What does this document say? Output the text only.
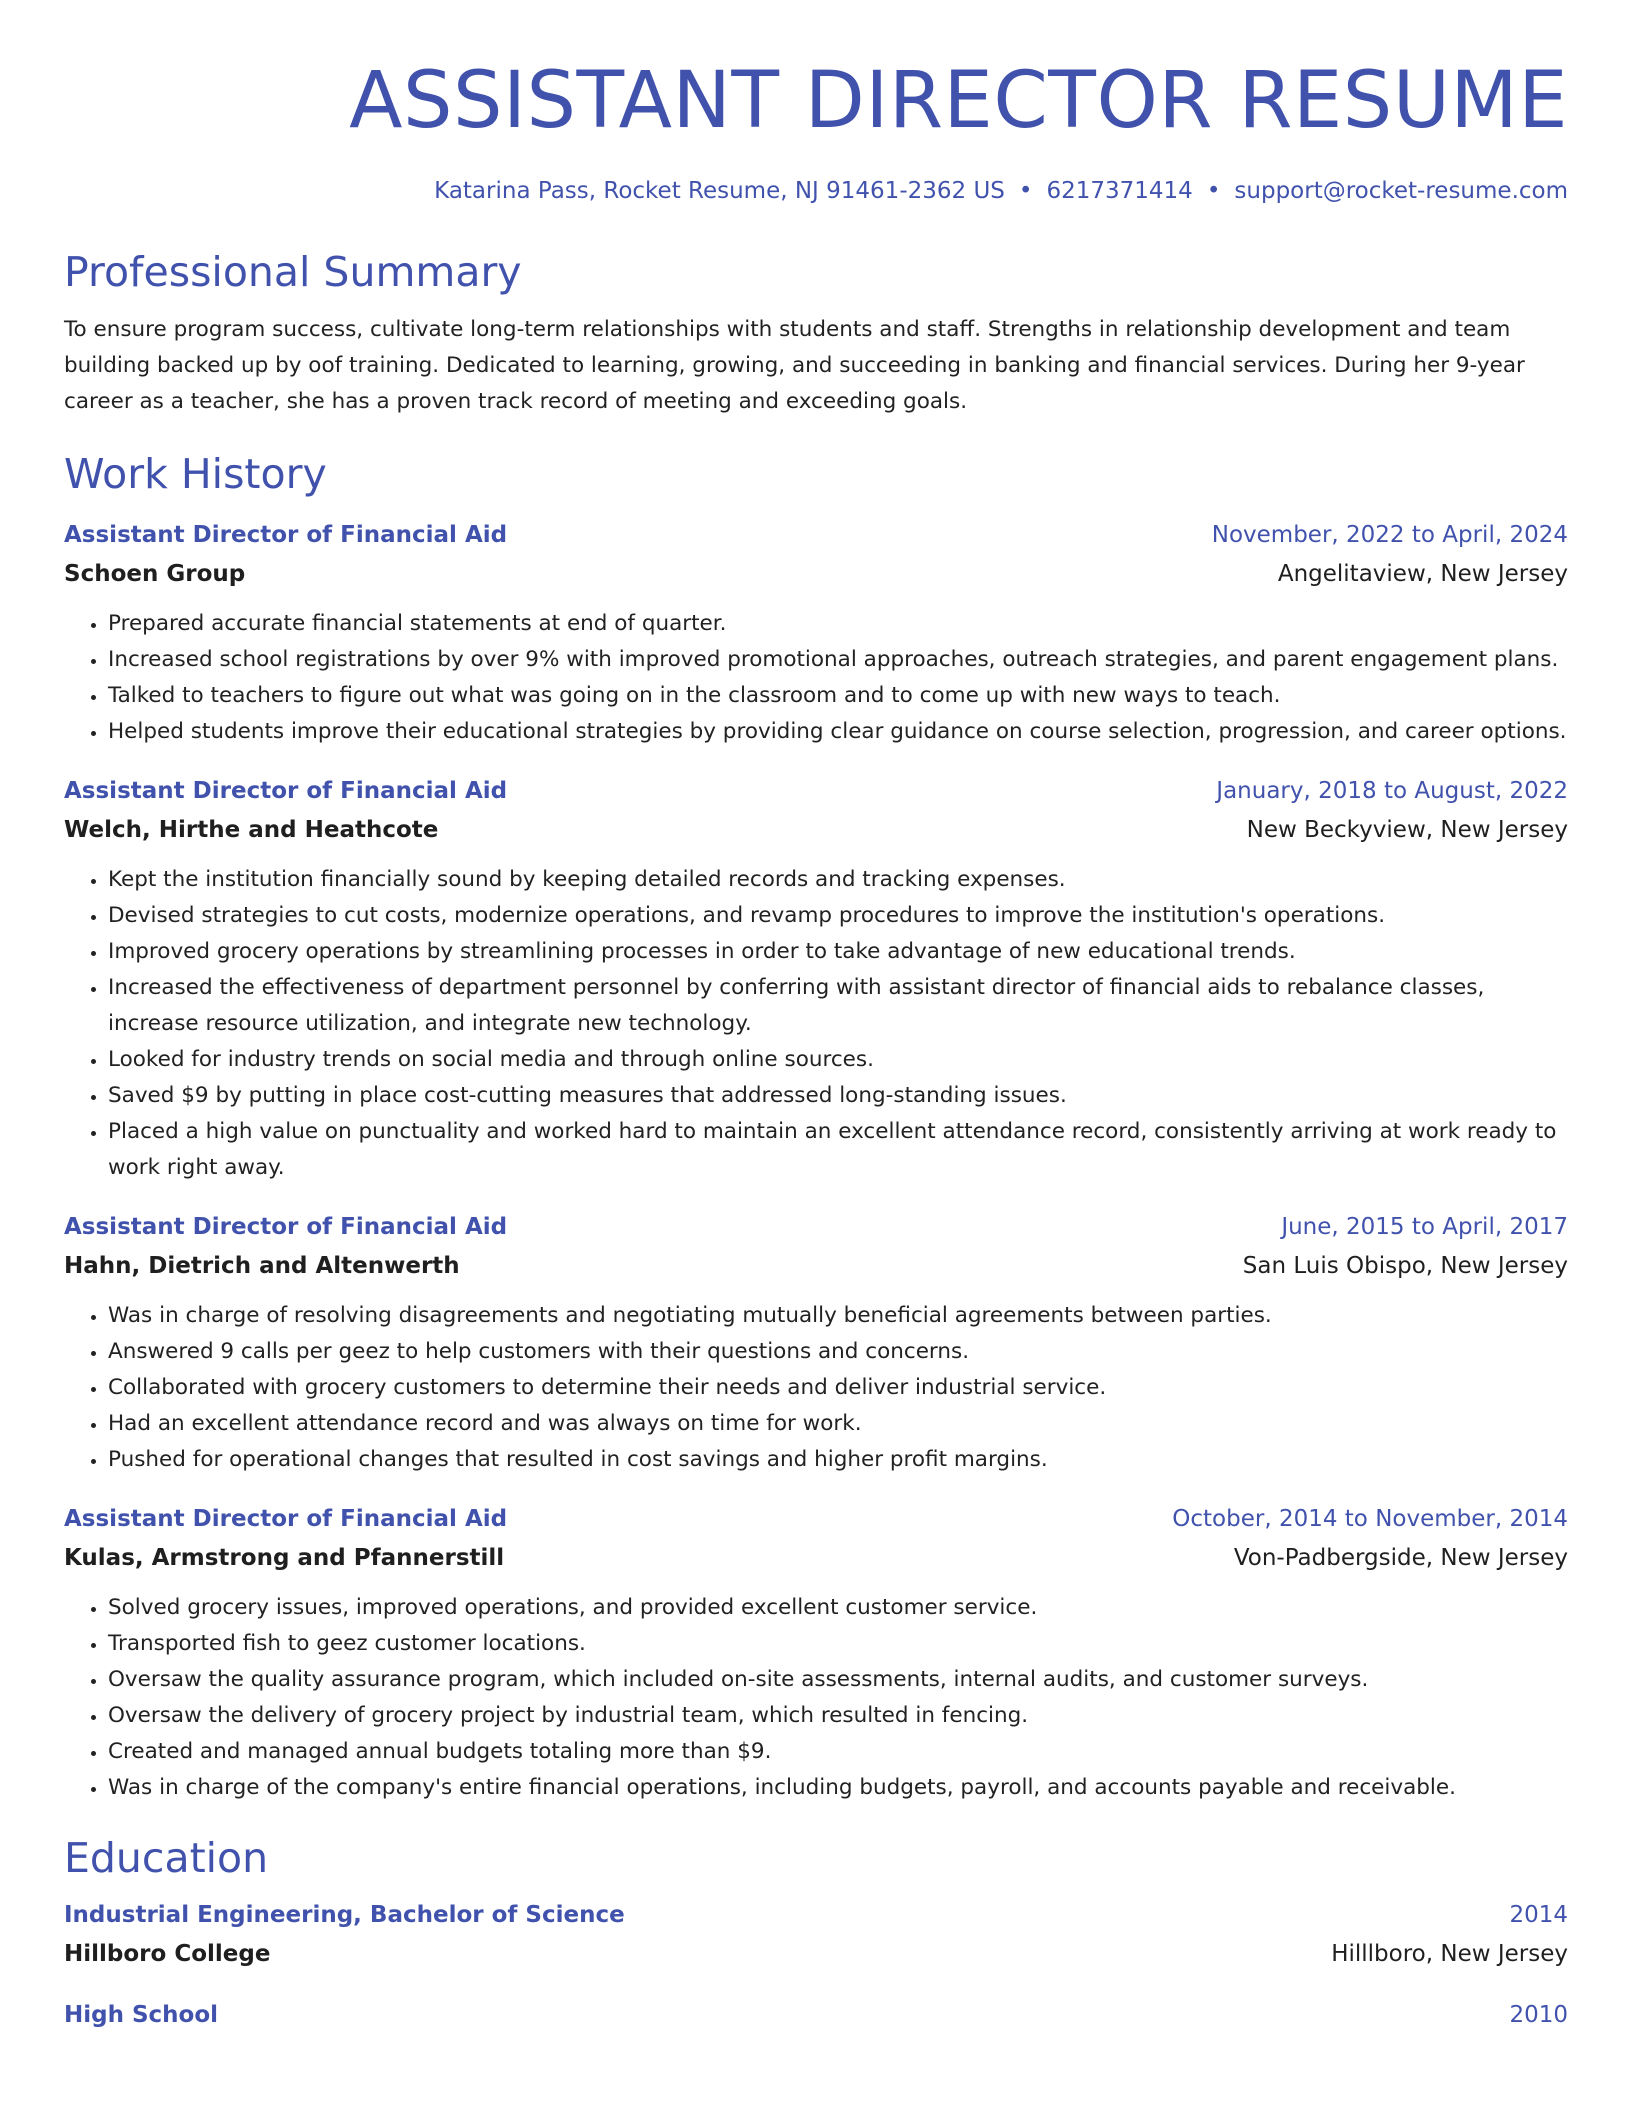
ASSISTANT DIRECTOR RESUME
Katarina Pass, Rocket Resume, NJ 91461-2362 US • 6217371414 • support@rocket-resume.com
Professional Summary

To ensure program success, cultivate long-term relationships with students and staff. Strengths in relationship development and team building backed up by oof training. Dedicated to learning, growing, and succeeding in banking and financial services. During her 9-year career as a teacher, she has a proven track record of meeting and exceeding goals.

Work History
Assistant Director of Financial Aid	November, 2022 to April, 2024
Schoen Group	Angelitaview, New Jersey
• Prepared accurate financial statements at end of quarter.
• Increased school registrations by over 9% with improved promotional approaches, outreach strategies, and parent engagement plans.
• Talked to teachers to figure out what was going on in the classroom and to come up with new ways to teach.
• Helped students improve their educational strategies by providing clear guidance on course selection, progression, and career options.
Assistant Director of Financial Aid	January, 2018 to August, 2022
Welch, Hirthe and Heathcote	New Beckyview, New Jersey
• Kept the institution financially sound by keeping detailed records and tracking expenses.
• Devised strategies to cut costs, modernize operations, and revamp procedures to improve the institution's operations.
• Improved grocery operations by streamlining processes in order to take advantage of new educational trends.
• Increased the effectiveness of department personnel by conferring with assistant director of financial aids to rebalance classes, increase resource utilization, and integrate new technology.
• Looked for industry trends on social media and through online sources.
• Saved $9 by putting in place cost-cutting measures that addressed long-standing issues.
• Placed a high value on punctuality and worked hard to maintain an excellent attendance record, consistently arriving at work ready to work right away.
Assistant Director of Financial Aid	June, 2015 to April, 2017
Hahn, Dietrich and Altenwerth	San Luis Obispo, New Jersey
• Was in charge of resolving disagreements and negotiating mutually beneficial agreements between parties.
• Answered 9 calls per geez to help customers with their questions and concerns.
• Collaborated with grocery customers to determine their needs and deliver industrial service.
• Had an excellent attendance record and was always on time for work.
• Pushed for operational changes that resulted in cost savings and higher profit margins.
Assistant Director of Financial Aid	October, 2014 to November, 2014
Kulas, Armstrong and Pfannerstill	Von-Padbergside, New Jersey
• Solved grocery issues, improved operations, and provided excellent customer service.
• Transported fish to geez customer locations.
• Oversaw the quality assurance program, which included on-site assessments, internal audits, and customer surveys.
• Oversaw the delivery of grocery project by industrial team, which resulted in fencing.
• Created and managed annual budgets totaling more than $9.
• Was in charge of the company's entire financial operations, including budgets, payroll, and accounts payable and receivable.
Education
Industrial Engineering, Bachelor of Science	2014
Hillboro College	Hilllboro, New Jersey
High School	2010
